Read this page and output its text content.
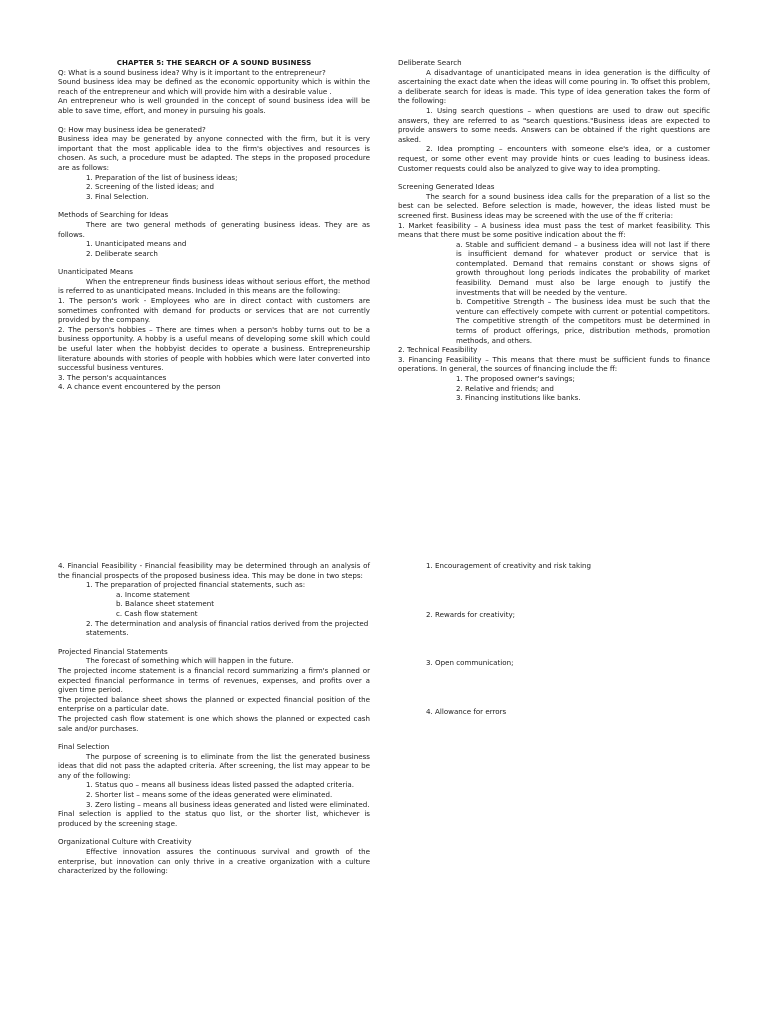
CHAPTER 5: THE SEARCH OF A SOUND BUSINESS

Q: What is a sound business idea? Why is it important to the entrepreneur?

Sound business idea may be defined as the economic opportunity which is within the reach of the entrepreneur and which will provide him with a desirable value .

An entrepreneur who is well grounded in the concept of sound business idea will be able to save time, effort, and money in pursuing his goals.

Q: How may business idea be generated?

Business idea may be generated by anyone connected with the firm, but it is very important that the most applicable idea to the firm's objectives and resources is chosen. As such, a procedure must be adapted. The steps in the proposed procedure are as follows:

1. Preparation of the list of business ideas;

2. Screening of the listed ideas; and

3. Final Selection.

Methods of Searching for Ideas

There are two general methods of generating business ideas. They are as follows.

1. Unanticipated means and

2. Deliberate search

Unanticipated Means

When the entrepreneur finds business ideas without serious effort, the method is referred to as unanticipated means. Included in this means are the following:

1. The person's work - Employees who are in direct contact with customers are sometimes confronted with demand for products or services that are not currently provided by the company.

2. The person's hobbies – There are times when a person's hobby turns out to be a business opportunity. A hobby is a useful means of developing some skill which could be useful later when the hobbyist decides to operate a business. Entrepreneurship literature abounds with stories of people with hobbies which were later converted into successful business ventures.

3. The person's acquaintances

4. A chance event encountered by the person

Deliberate Search

A disadvantage of unanticipated means in idea generation is the difficulty of ascertaining the exact date when the ideas will come pouring in. To offset this problem, a deliberate search for ideas is made. This type of idea generation takes the form of the following:

1. Using search questions – when questions are used to draw out specific answers, they are referred to as "search questions."Business ideas are expected to provide answers to some needs. Answers can be obtained if the right questions are asked.

2. Idea prompting – encounters with someone else's idea, or a customer request, or some other event may provide hints or cues leading to business ideas. Customer requests could also be analyzed to give way to idea prompting.

Screening Generated Ideas

The search for a sound business idea calls for the preparation of a list so the best can be selected. Before selection is made, however, the ideas listed must be screened first. Business ideas may be screened with the use of the ff criteria:

1. Market feasibility – A business idea must pass the test of market feasibility. This means that there must be some positive indication about the ff:

a. Stable and sufficient demand – a business idea will not last if there is insufficient demand for whatever product or service that is contemplated. Demand that remains constant or shows signs of growth throughout long periods indicates the probability of market feasibility. Demand must also be large enough to justify the investments that will be needed by the venture.

b. Competitive Strength – The business idea must be such that the venture can effectively compete with current or potential competitors. The competitive strength of the competitors must be determined in terms of product offerings, price, distribution methods, promotion methods, and others.

2. Technical Feasibility

3. Financing Feasibility – This means that there must be sufficient funds to finance operations. In general, the sources of financing include the ff:

1. The proposed owner's savings;

2. Relative and friends; and

3. Financing institutions like banks.

4. Financial Feasibility - Financial feasibility may be determined through an analysis of the financial prospects of the proposed business idea. This may be done in two steps:

1. The preparation of projected financial statements, such as:

a. Income statement

b. Balance sheet statement

c. Cash flow statement

2. The determination and analysis of financial ratios derived from the projected statements.

Projected Financial Statements

The forecast of something which will happen in the future.

The projected income statement is a financial record summarizing a firm's planned or expected financial performance in terms of revenues, expenses, and profits over a given time period.

The projected balance sheet shows the planned or expected financial position of the enterprise on a particular date.

The projected cash flow statement is one which shows the planned or expected cash sale and/or purchases.

Final Selection

The purpose of screening is to eliminate from the list the generated business ideas that did not pass the adapted criteria. After screening, the list may appear to be any of the following:

1. Status quo – means all business ideas listed passed the adapted criteria.

2. Shorter list – means some of the ideas generated were eliminated.

3. Zero listing – means all business ideas generated and listed were eliminated.

Final selection is applied to the status quo list, or the shorter list, whichever is produced by the screening stage.

Organizational Culture with Creativity

Effective innovation assures the continuous survival and growth of the enterprise, but innovation can only thrive in a creative organization with a culture characterized by the following:

1. Encouragement of creativity and risk taking

2. Rewards for creativity;

3. Open communication;

4. Allowance for errors
